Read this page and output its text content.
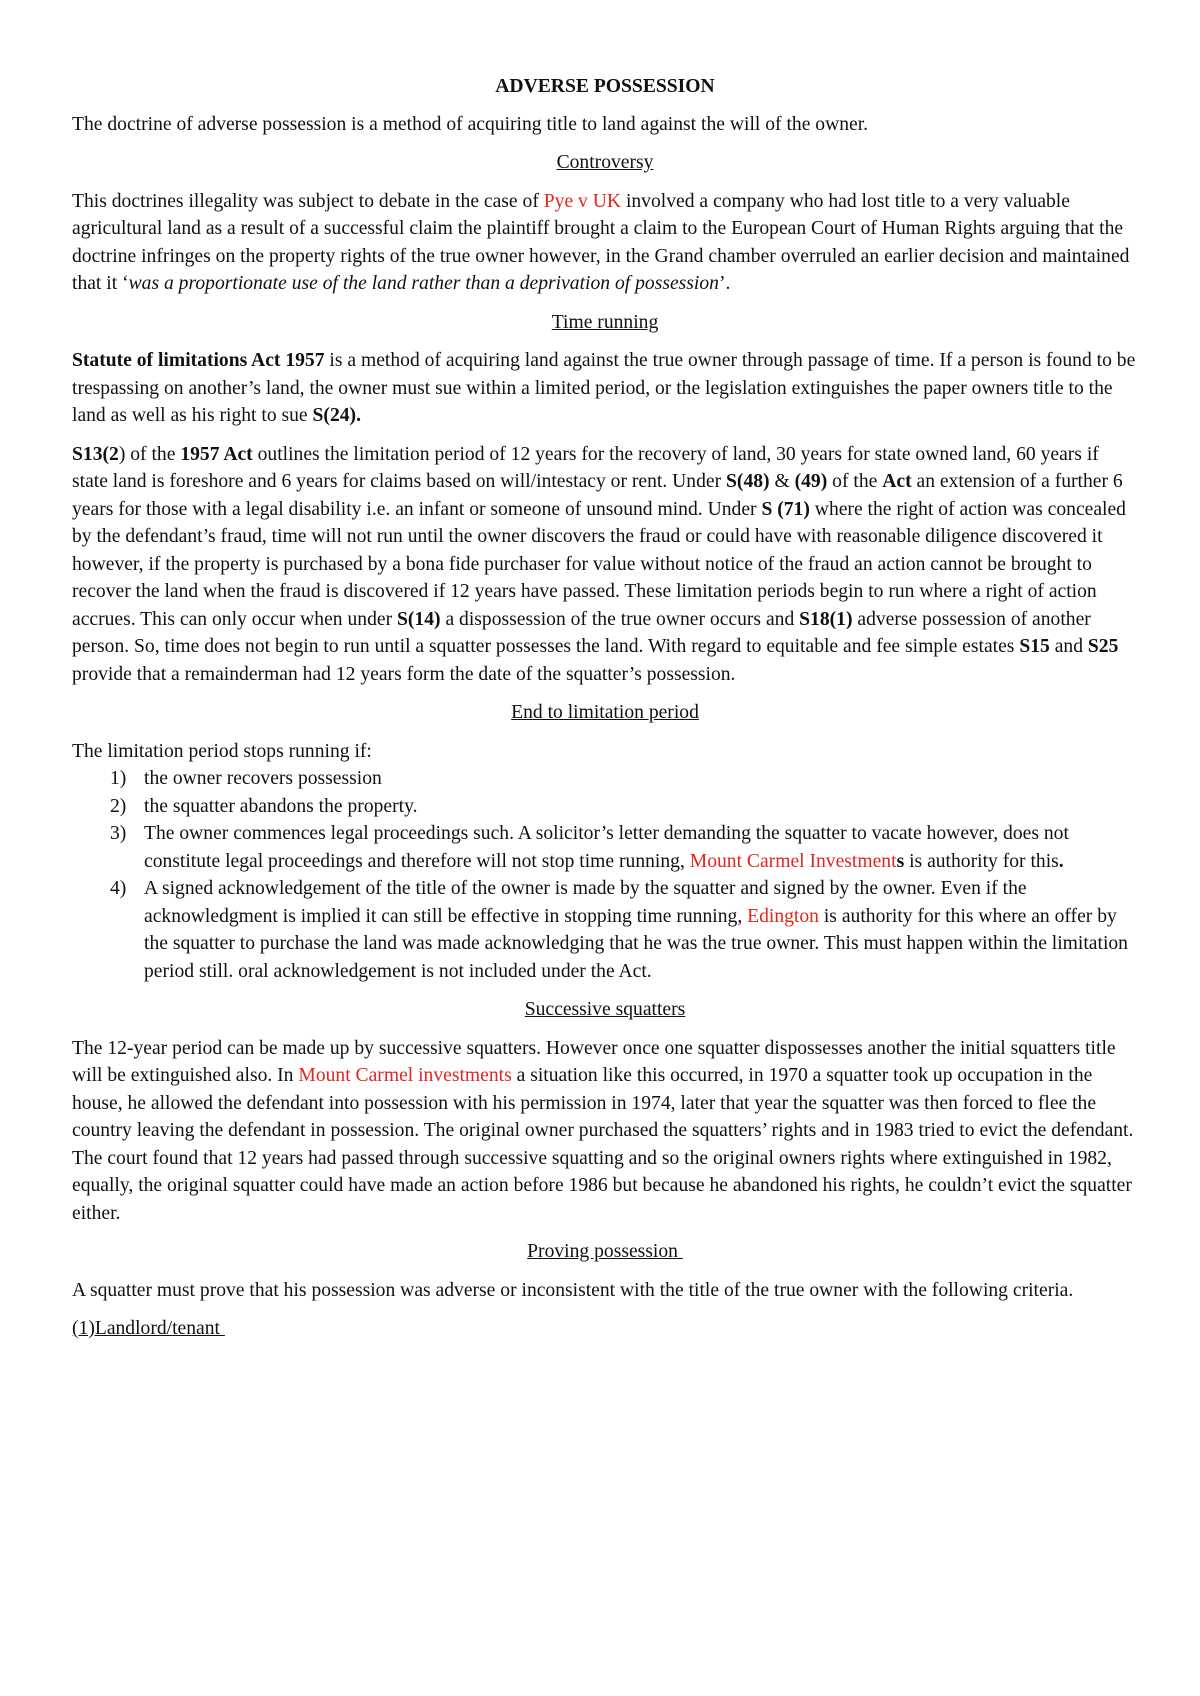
ADVERSE POSSESSION

The doctrine of adverse possession is a method of acquiring title to land against the will of the owner.

Controversy

This doctrines illegality was subject to debate in the case of Pye v UK involved a company who had lost title to a very valuable agricultural land as a result of a successful claim the plaintiff brought a claim to the European Court of Human Rights arguing that the doctrine infringes on the property rights of the true owner however, in the Grand chamber overruled an earlier decision and maintained that it ‘was a proportionate use of the land rather than a deprivation of possession’.

Time running

Statute of limitations Act 1957 is a method of acquiring land against the true owner through passage of time. If a person is found to be trespassing on another’s land, the owner must sue within a limited period, or the legislation extinguishes the paper owners title to the land as well as his right to sue S(24).

S13(2) of the 1957 Act outlines the limitation period of 12 years for the recovery of land, 30 years for state owned land, 60 years if state land is foreshore and 6 years for claims based on will/intestacy or rent. Under S(48) & (49) of the Act an extension of a further 6 years for those with a legal disability i.e. an infant or someone of unsound mind. Under S (71) where the right of action was concealed by the defendant’s fraud, time will not run until the owner discovers the fraud or could have with reasonable diligence discovered it however, if the property is purchased by a bona fide purchaser for value without notice of the fraud an action cannot be brought to recover the land when the fraud is discovered if 12 years have passed. These limitation periods begin to run where a right of action accrues. This can only occur when under S(14) a dispossession of the true owner occurs and S18(1) adverse possession of another person. So, time does not begin to run until a squatter possesses the land. With regard to equitable and fee simple estates S15 and S25 provide that a remainderman had 12 years form the date of the squatter’s possession.

End to limitation period

The limitation period stops running if:
1) the owner recovers possession
2) the squatter abandons the property.
3) The owner commences legal proceedings such. A solicitor’s letter demanding the squatter to vacate however, does not constitute legal proceedings and therefore will not stop time running, Mount Carmel Investments is authority for this.
4) A signed acknowledgement of the title of the owner is made by the squatter and signed by the owner. Even if the acknowledgment is implied it can still be effective in stopping time running, Edington is authority for this where an offer by the squatter to purchase the land was made acknowledging that he was the true owner. This must happen within the limitation period still. oral acknowledgement is not included under the Act.

Successive squatters

The 12-year period can be made up by successive squatters. However once one squatter dispossesses another the initial squatters title will be extinguished also. In Mount Carmel investments a situation like this occurred, in 1970 a squatter took up occupation in the house, he allowed the defendant into possession with his permission in 1974, later that year the squatter was then forced to flee the country leaving the defendant in possession. The original owner purchased the squatters’ rights and in 1983 tried to evict the defendant. The court found that 12 years had passed through successive squatting and so the original owners rights where extinguished in 1982, equally, the original squatter could have made an action before 1986 but because he abandoned his rights, he couldn’t evict the squatter either.

Proving possession

A squatter must prove that his possession was adverse or inconsistent with the title of the true owner with the following criteria.

(1)Landlord/tenant
